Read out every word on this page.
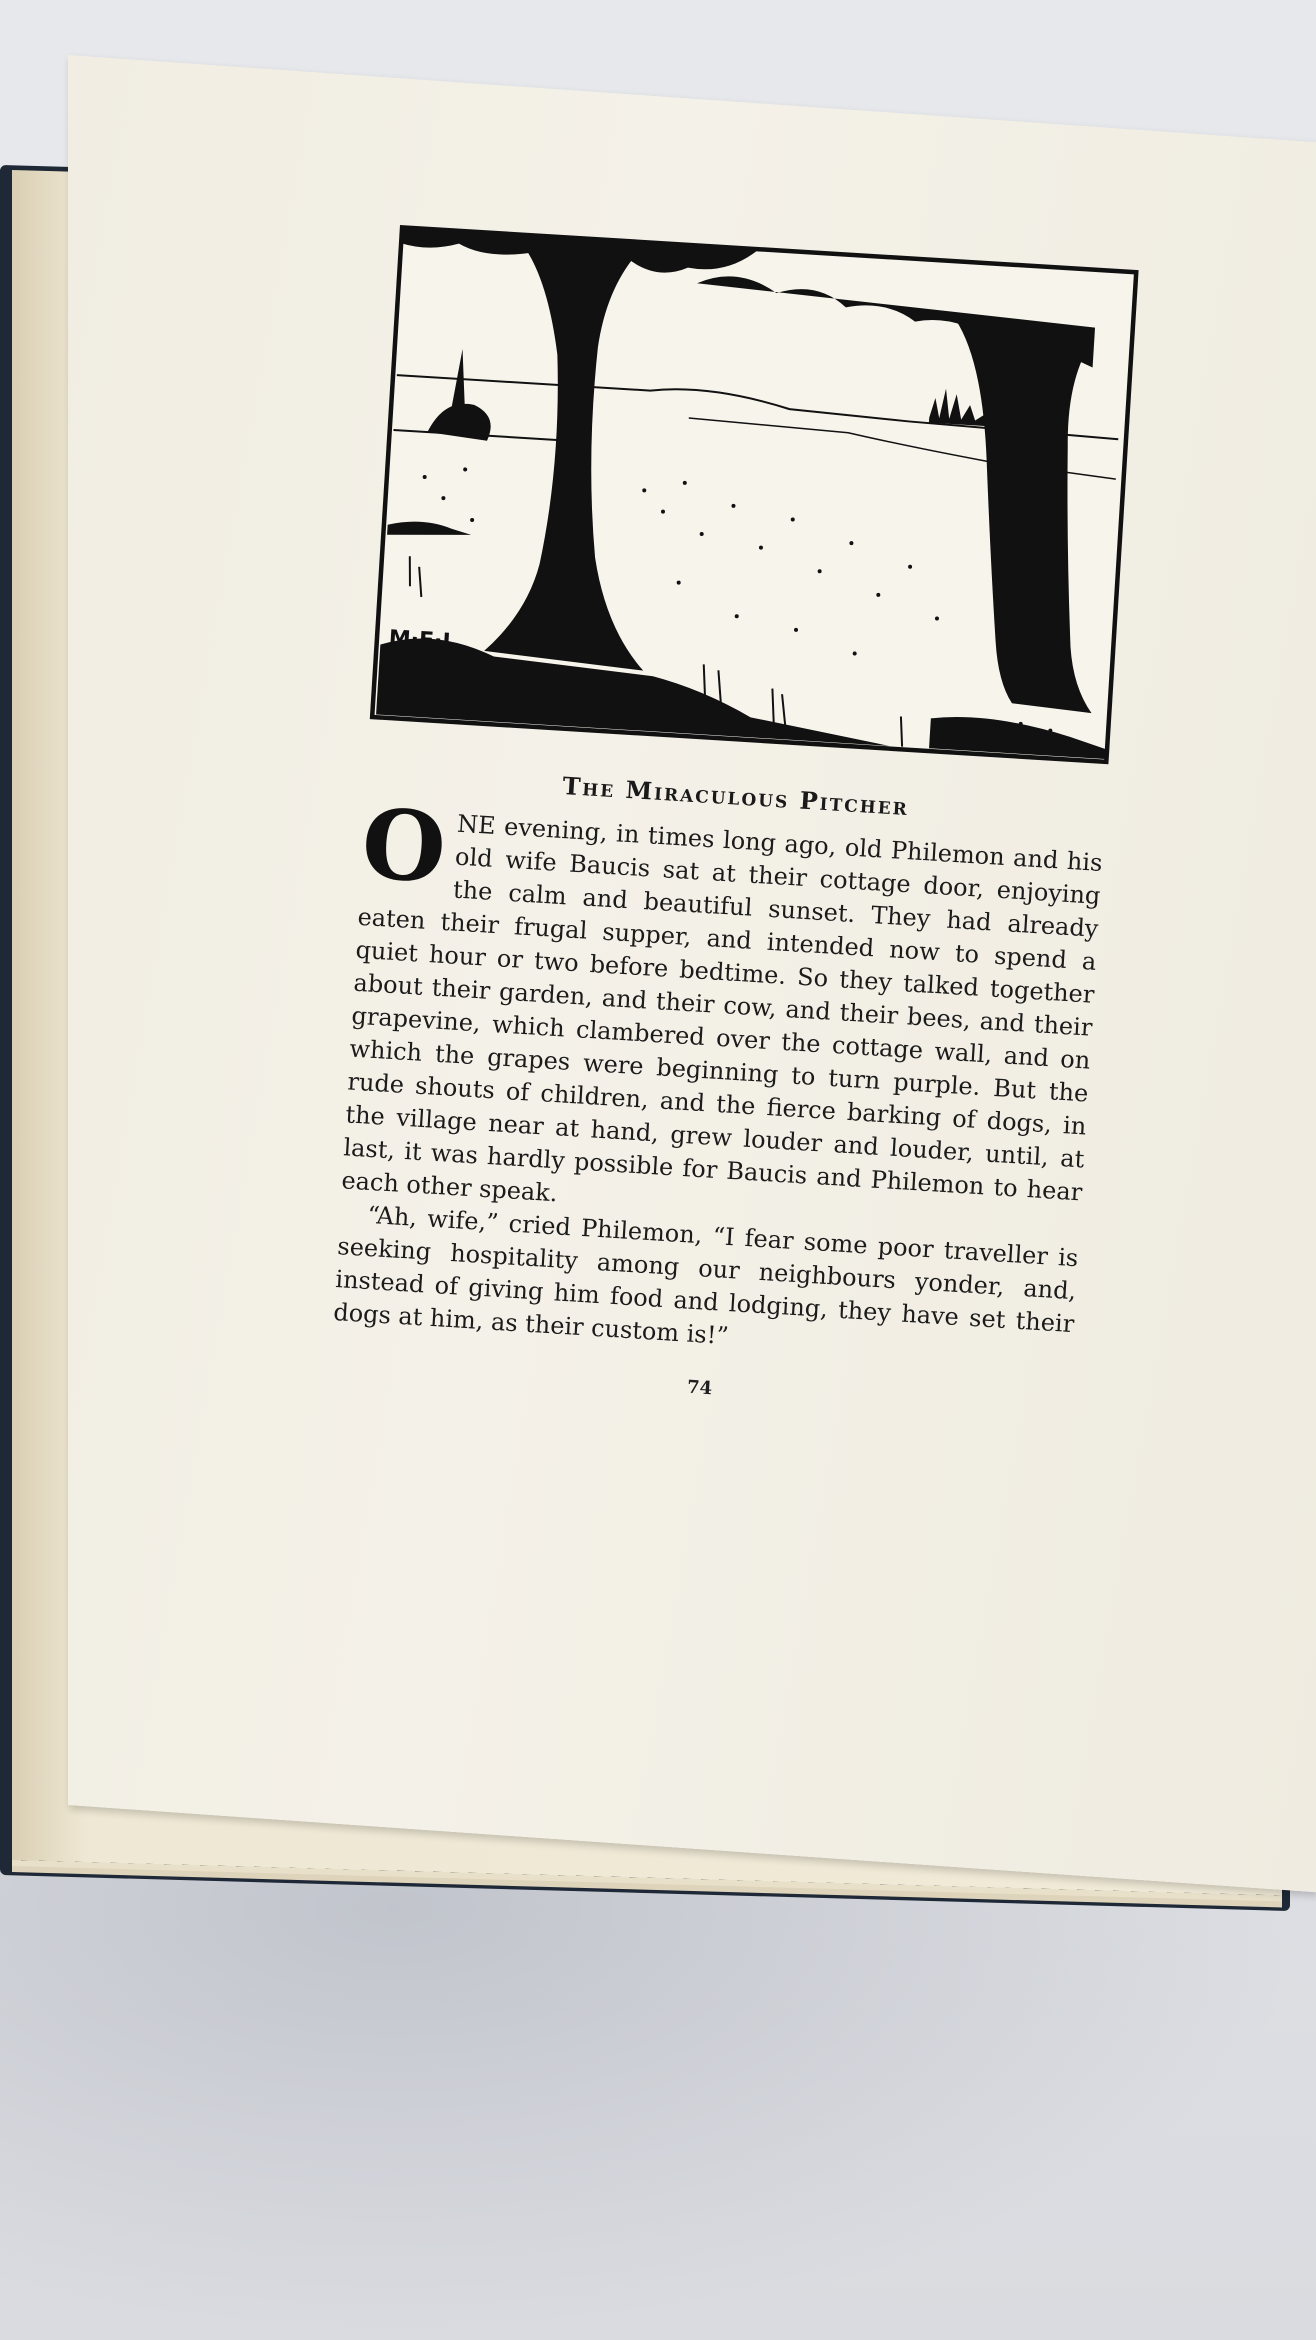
M·F·I
The Miraculous Pitcher

ONE evening, in times long ago, old Philemon and his old wife Baucis sat at their cottage door, enjoying the calm and beautiful sunset. They had already eaten their frugal supper, and intended now to spend a quiet hour or two before bedtime. So they talked together about their garden, and their cow, and their bees, and their grapevine, which clambered over the cottage wall, and on which the grapes were beginning to turn purple. But the rude shouts of children, and the fierce barking of dogs, in the village near at hand, grew louder and louder, until, at last, it was hardly possible for Baucis and Philemon to hear each other speak.

“Ah, wife,” cried Philemon, “I fear some poor traveller is seeking hospitality among our neighbours yonder, and, instead of giving him food and lodging, they have set their dogs at him, as their custom is!”

74
